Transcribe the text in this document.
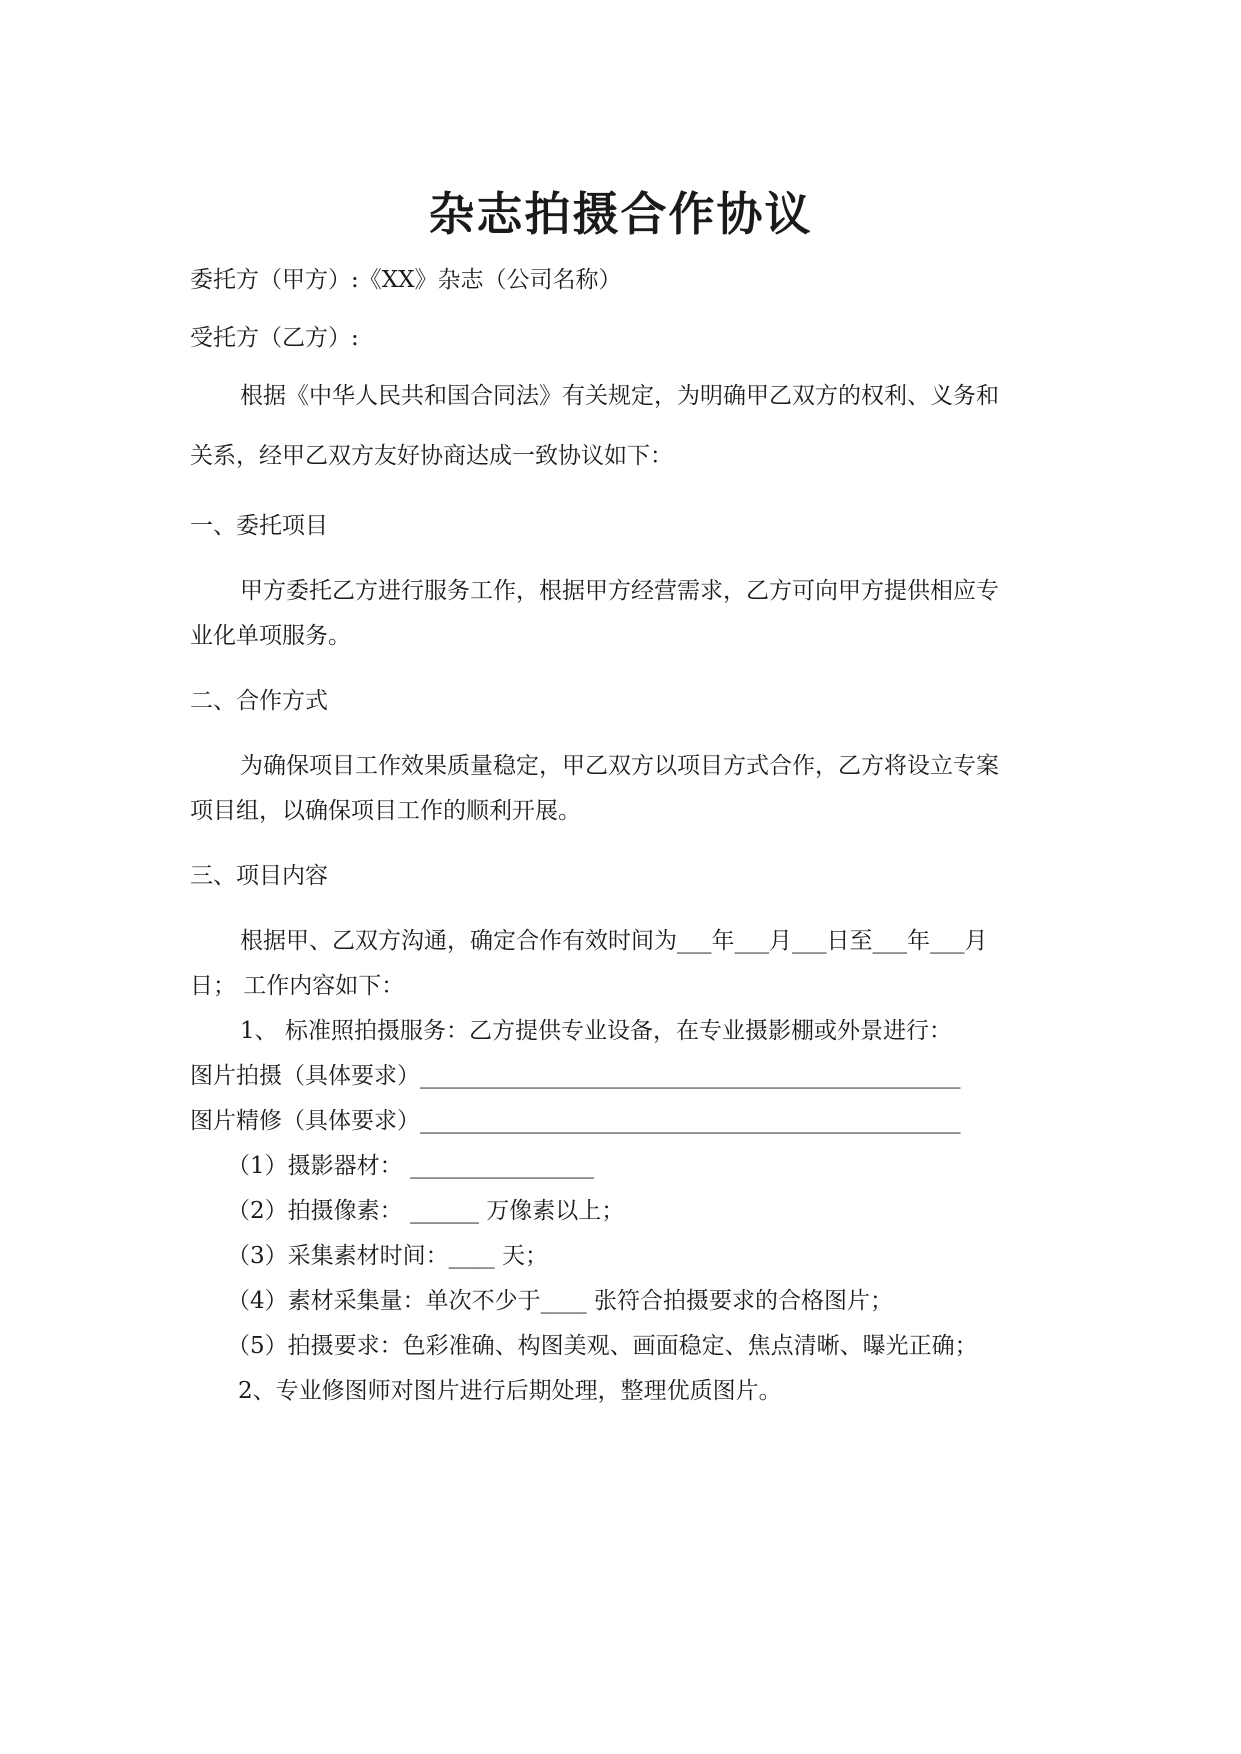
杂志拍摄合作协议

委托方（甲方）:《XX》杂志（公司名称）

受托方（乙方）:

根据《中华人民共和国合同法》有关规定，为明确甲乙双方的权利、义务和

关系，经甲乙双方友好协商达成一致协议如下：

一、委托项目

甲方委托乙方进行服务工作，根据甲方经营需求，乙方可向甲方提供相应专

业化单项服务。

二、合作方式

为确保项目工作效果质量稳定，甲乙双方以项目方式合作，乙方将设立专案

项目组，以确保项目工作的顺利开展。

三、项目内容

根据甲、乙双方沟通，确定合作有效时间为___年___月___日至___年___月

日； 工作内容如下：

1、 标准照拍摄服务：乙方提供专业设备，在专业摄影棚或外景进行：

图片拍摄（具体要求）_______________________________________________

图片精修（具体要求）_______________________________________________

（1）摄影器材： ________________

（2）拍摄像素： ______ 万像素以上；

（3）采集素材时间：____ 天；

（4）素材采集量：单次不少于____ 张符合拍摄要求的合格图片；

（5）拍摄要求：色彩准确、构图美观、画面稳定、焦点清晰、曝光正确；

2、专业修图师对图片进行后期处理，整理优质图片。
